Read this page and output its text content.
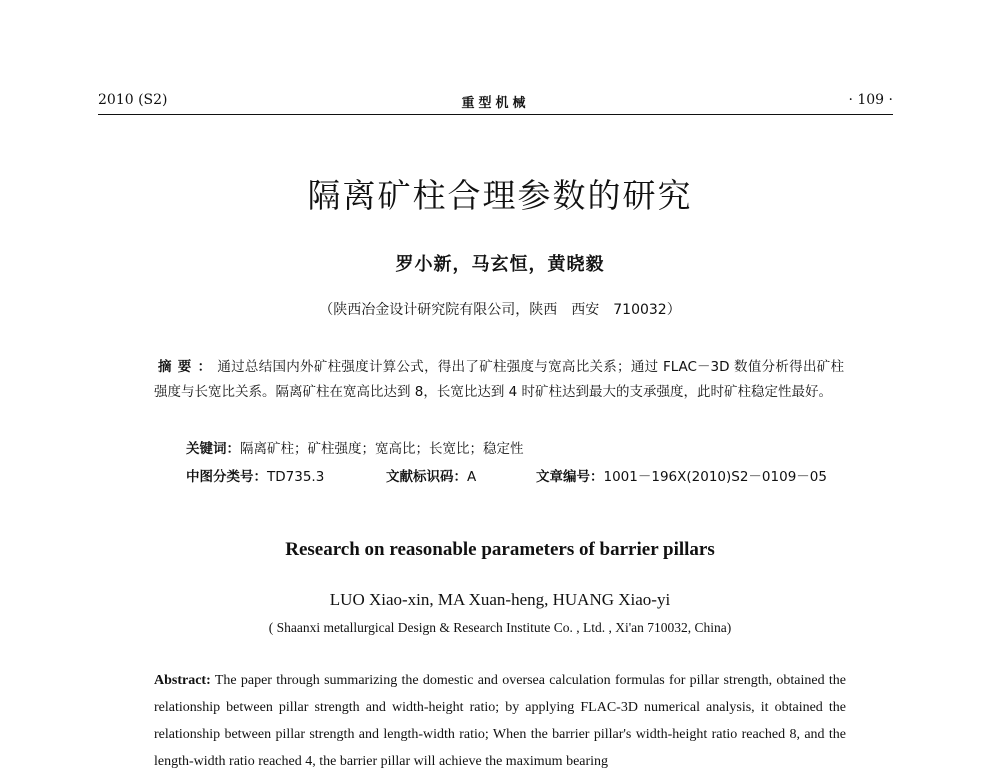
2010 (S2)	重型机械	· 109 ·
隔离矿柱合理参数的研究
罗小新，马玄恒，黄晓毅
（陕西冶金设计研究院有限公司，陕西　西安　710032）
摘要：通过总结国内外矿柱强度计算公式，得出了矿柱强度与宽高比关系；通过 FLAC－3D 数值分析得出矿柱强度与长宽比关系。隔离矿柱在宽高比达到 8，长宽比达到 4 时矿柱达到最大的支承强度，此时矿柱稳定性最好。
关键词：隔离矿柱；矿柱强度；宽高比；长宽比；稳定性
中图分类号：TD735.3	文献标识码：A	文章编号：1001－196X(2010)S2－0109－05
Research on reasonable parameters of barrier pillars
LUO Xiao-xin, MA Xuan-heng, HUANG Xiao-yi
( Shaanxi metallurgical Design & Research Institute Co. , Ltd. , Xi'an 710032, China)
Abstract: The paper through summarizing the domestic and oversea calculation formulas for pillar strength, obtained the relationship between pillar strength and width-height ratio; by applying FLAC-3D numerical analysis, it obtained the relationship between pillar strength and length-width ratio; When the barrier pillar's width-height ratio reached 8, and the length-width ratio reached 4, the barrier pillar will achieve the maximum bearing
